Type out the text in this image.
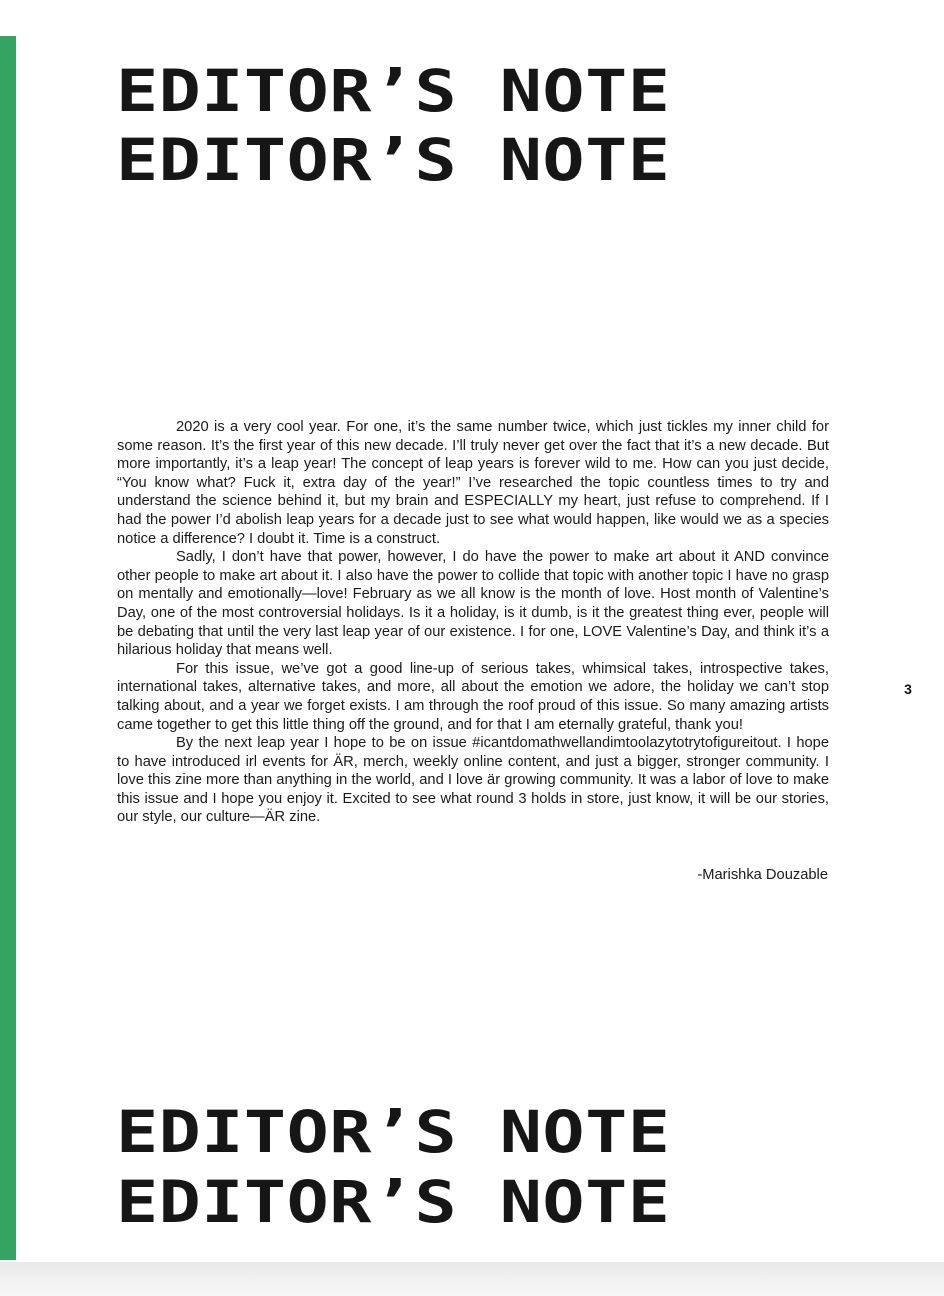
EDITOR’S NOTE
EDITOR’S NOTE

2020 is a very cool year. For one, it’s the same number twice, which just tickles my inner child for some reason. It’s the first year of this new decade. I’ll truly never get over the fact that it’s a new decade. But more importantly, it’s a leap year! The concept of leap years is forever wild to me. How can you just decide, “You know what? Fuck it, extra day of the year!” I’ve researched the topic countless times to try and understand the science behind it, but my brain and ESPECIALLY my heart, just refuse to comprehend. If I had the power I’d abolish leap years for a decade just to see what would happen, like would we as a species notice a difference? I doubt it. Time is a construct.

Sadly, I don’t have that power, however, I do have the power to make art about it AND convince other people to make art about it. I also have the power to collide that topic with another topic I have no grasp on mentally and emotionally—love! February as we all know is the month of love. Host month of Valentine’s Day, one of the most controversial holidays. Is it a holiday, is it dumb, is it the greatest thing ever, people will be debating that until the very last leap year of our existence. I for one, LOVE Valentine’s Day, and think it’s a hilarious holiday that means well.

For this issue, we’ve got a good line-up of serious takes, whimsical takes, introspective takes, international takes, alternative takes, and more, all about the emotion we adore, the holiday we can’t stop talking about, and a year we forget exists. I am through the roof proud of this issue. So many amazing artists came together to get this little thing off the ground, and for that I am eternally grateful, thank you!

By the next leap year I hope to be on issue #icantdomathwellandimtoolazytotrytofigureitout. I hope to have introduced irl events for ÄR, merch, weekly online content, and just a bigger, stronger community. I love this zine more than anything in the world, and I love är growing community. It was a labor of love to make this issue and I hope you enjoy it. Excited to see what round 3 holds in store, just know, it will be our stories, our style, our culture—ÄR zine.

-Marishka Douzable
3
EDITOR’S NOTE
EDITOR’S NOTE
